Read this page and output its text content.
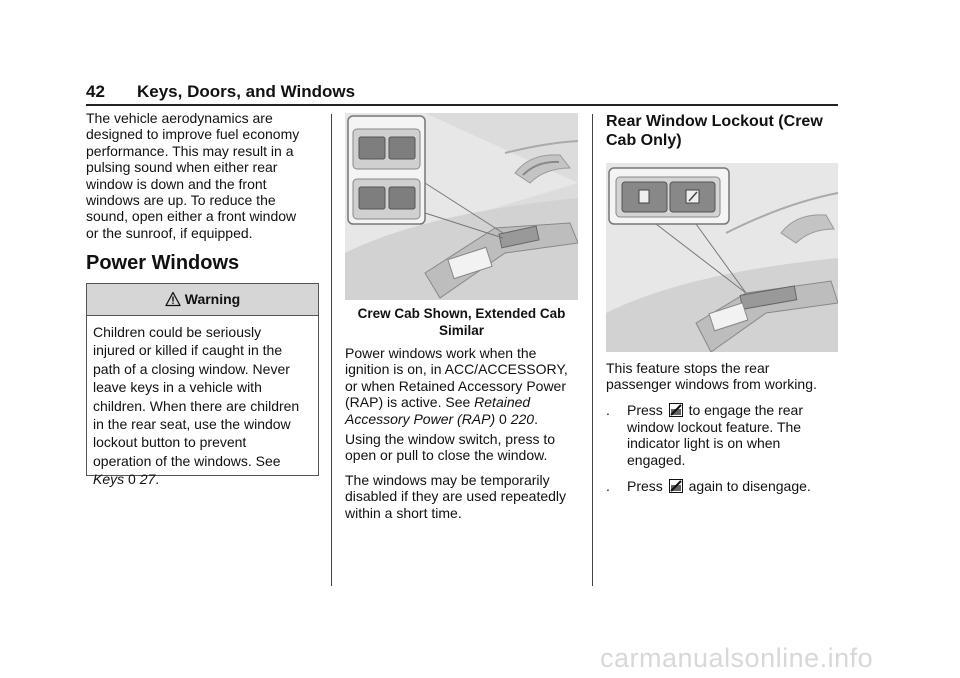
42 Keys, Doors, and Windows

The vehicle aerodynamics are

designed to improve fuel economy

performance. This may result in a

pulsing sound when either rear

window is down and the front

windows are up. To reduce the

sound, open either a front window

or the sunroof, if equipped.

Power Windows
Warning
Children could be seriously
injured or killed if caught in the
path of a closing window. Never
leave keys in a vehicle with
children. When there are children
in the rear seat, use the window
lockout button to prevent
operation of the windows. See
Keys 0 27.
Crew Cab Shown, Extended Cab
Similar

Power windows work when the

ignition is on, in ACC/ACCESSORY,

or when Retained Accessory Power

(RAP) is active. See Retained

Accessory Power (RAP) 0 220.

Using the window switch, press to

open or pull to close the window.

The windows may be temporarily

disabled if they are used repeatedly

within a short time.

Rear Window Lockout (Crew
Cab Only)

This feature stops the rear

passenger windows from working.

. Press to engage the rear
window lockout feature. The
indicator light is on when
engaged.
. Press again to disengage.
carmanualsonline.info
